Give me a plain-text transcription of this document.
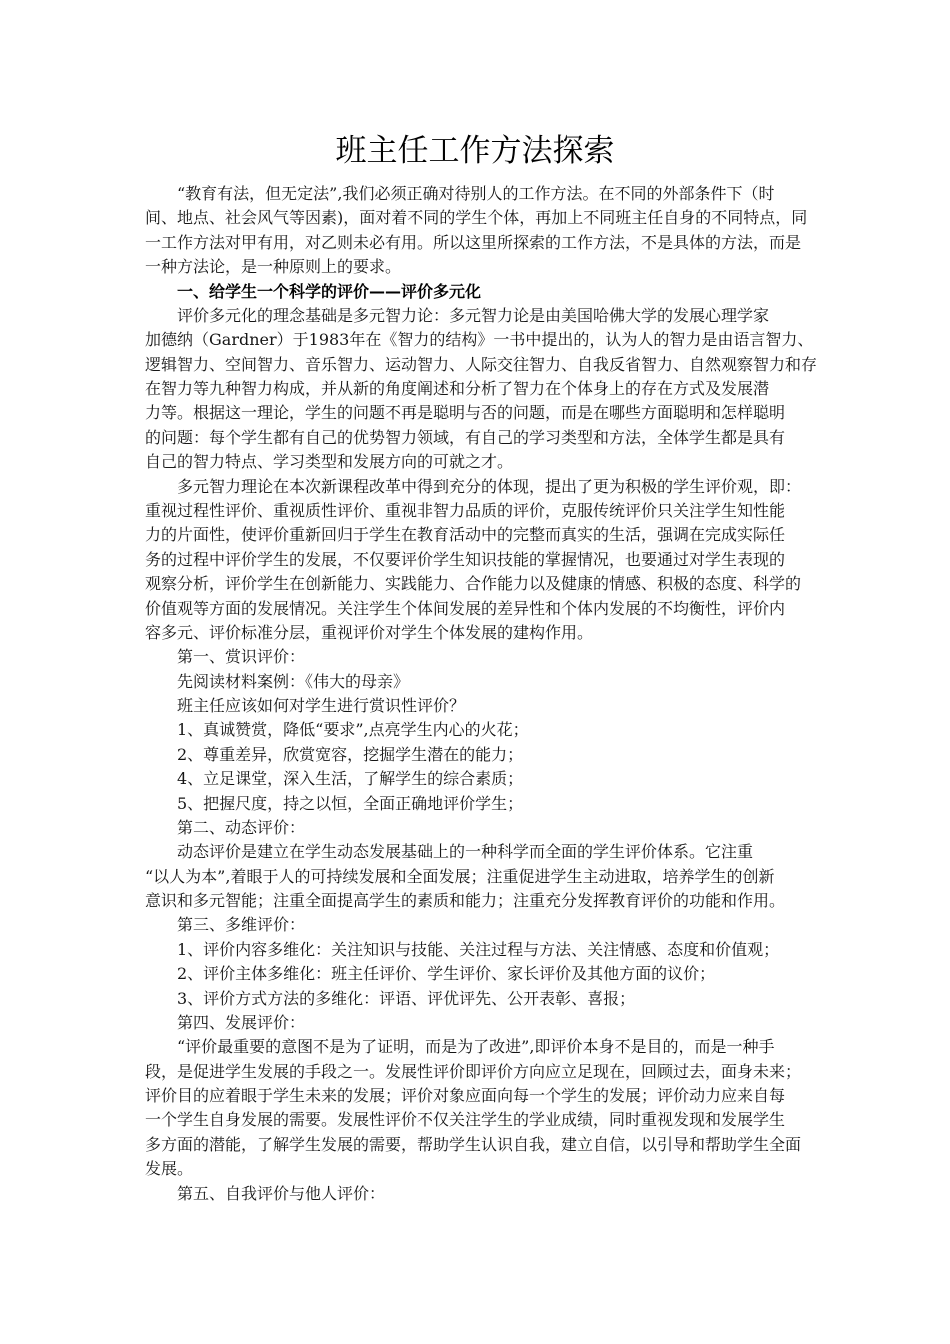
班主任工作方法探索
　　“教育有法，但无定法”,我们必须正确对待别人的工作方法。在不同的外部条件下（时
间、地点、社会风气等因素)，面对着不同的学生个体，再加上不同班主任自身的不同特点，同
一工作方法对甲有用，对乙则未必有用。所以这里所探索的工作方法，不是具体的方法，而是
一种方法论，是一种原则上的要求。
　　一、给学生一个科学的评价——评价多元化
　　评价多元化的理念基础是多元智力论：多元智力论是由美国哈佛大学的发展心理学家
加德纳（Gardner）于1983年在《智力的结构》一书中提出的，认为人的智力是由语言智力、
逻辑智力、空间智力、音乐智力、运动智力、人际交往智力、自我反省智力、自然观察智力和存
在智力等九种智力构成，并从新的角度阐述和分析了智力在个体身上的存在方式及发展潜
力等。根据这一理论，学生的问题不再是聪明与否的问题，而是在哪些方面聪明和怎样聪明
的问题：每个学生都有自己的优势智力领域，有自己的学习类型和方法，全体学生都是具有
自己的智力特点、学习类型和发展方向的可就之才。
　　多元智力理论在本次新课程改革中得到充分的体现，提出了更为积极的学生评价观，即：
重视过程性评价、重视质性评价、重视非智力品质的评价，克服传统评价只关注学生知性能
力的片面性，使评价重新回归于学生在教育活动中的完整而真实的生活，强调在完成实际任
务的过程中评价学生的发展，不仅要评价学生知识技能的掌握情况，也要通过对学生表现的
观察分析，评价学生在创新能力、实践能力、合作能力以及健康的情感、积极的态度、科学的
价值观等方面的发展情况。关注学生个体间发展的差异性和个体内发展的不均衡性，评价内
容多元、评价标准分层，重视评价对学生个体发展的建构作用。
　　第一、赏识评价：
　　先阅读材料案例：《伟大的母亲》
　　班主任应该如何对学生进行赏识性评价？
　　1、真诚赞赏，降低“要求”,点亮学生内心的火花；
　　2、尊重差异，欣赏宽容，挖掘学生潜在的能力；
　　4、立足课堂，深入生活，了解学生的综合素质；
　　5、把握尺度，持之以恒，全面正确地评价学生；
　　第二、动态评价：
　　动态评价是建立在学生动态发展基础上的一种科学而全面的学生评价体系。它注重
“以人为本”,着眼于人的可持续发展和全面发展；注重促进学生主动进取，培养学生的创新
意识和多元智能；注重全面提高学生的素质和能力；注重充分发挥教育评价的功能和作用。
　　第三、多维评价：
　　1、评价内容多维化：关注知识与技能、关注过程与方法、关注情感、态度和价值观；
　　2、评价主体多维化：班主任评价、学生评价、家长评价及其他方面的议价；
　　3、评价方式方法的多维化：评语、评优评先、公开表彰、喜报；
　　第四、发展评价：
　　“评价最重要的意图不是为了证明，而是为了改进”,即评价本身不是目的，而是一种手
段，是促进学生发展的手段之一。发展性评价即评价方向应立足现在，回顾过去，面身未来；
评价目的应着眼于学生未来的发展；评价对象应面向每一个学生的发展；评价动力应来自每
一个学生自身发展的需要。发展性评价不仅关注学生的学业成绩，同时重视发现和发展学生
多方面的潜能，了解学生发展的需要，帮助学生认识自我，建立自信，以引导和帮助学生全面
发展。
　　第五、自我评价与他人评价：
